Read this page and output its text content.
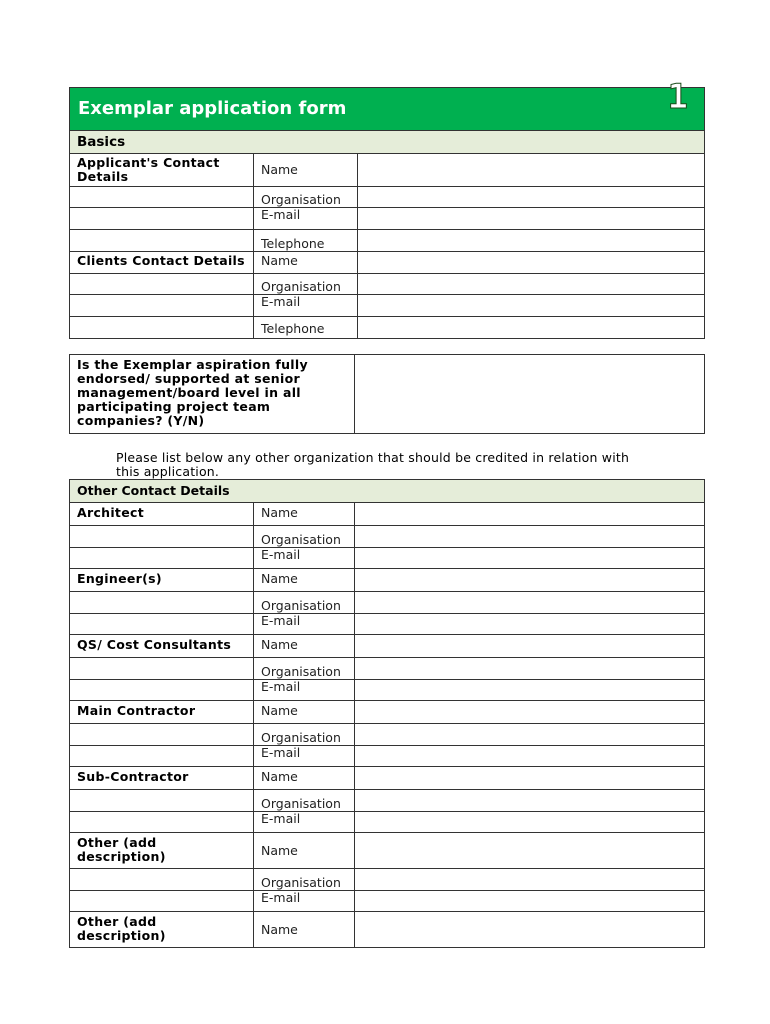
Exemplar application form 1		

Basics		
Applicant's Contact Details	Name	
	Organisation	
	E-mail	
	Telephone	
Clients Contact Details	Name	
	Organisation	
	E-mail	
	Telephone	
Is the Exemplar aspiration fully endorsed/ supported at senior management/board level in all participating project team companies? (Y/N)	
Please list below any other organization that should be credited in relation with this application.
Other Contact Details		
Architect	Name	
	Organisation	
	E-mail	
Engineer(s)	Name	
	Organisation	
	E-mail	
QS/ Cost Consultants	Name	
	Organisation	
	E-mail	
Main Contractor	Name	
	Organisation	
	E-mail	
Sub-Contractor	Name	
	Organisation	
	E-mail	
Other (add description)	Name	
	Organisation	
	E-mail	
Other (add description)	Name	
